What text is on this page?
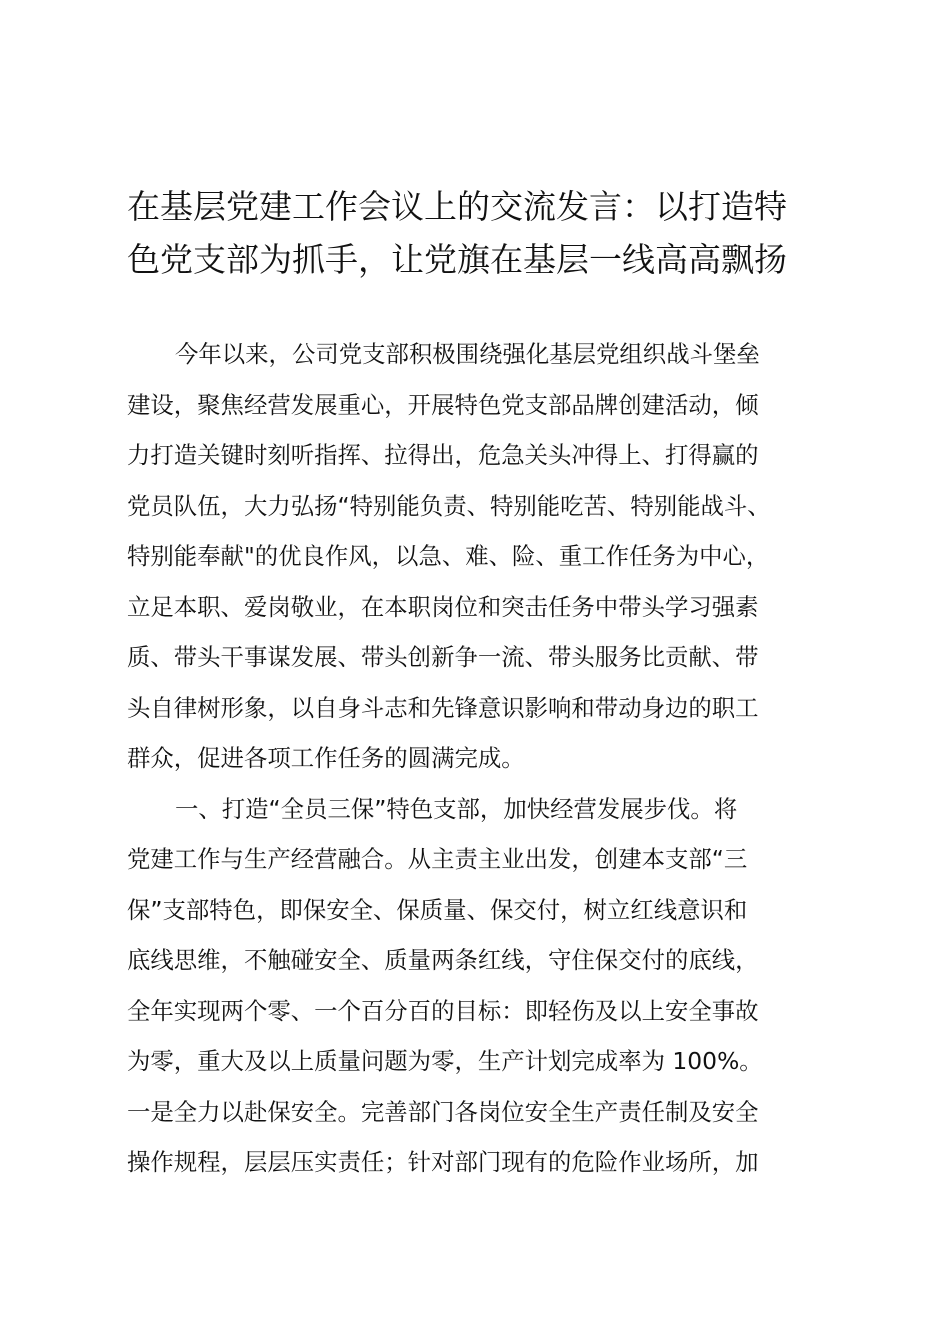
在基层党建工作会议上的交流发言：以打造特
色党支部为抓手，让党旗在基层一线高高飘扬
今年以来，公司党支部积极围绕强化基层党组织战斗堡垒
建设，聚焦经营发展重心，开展特色党支部品牌创建活动，倾
力打造关键时刻听指挥、拉得出，危急关头冲得上、打得赢的
党员队伍，大力弘扬“特别能负责、特别能吃苦、特别能战斗、
特别能奉献"的优良作风，以急、难、险、重工作任务为中心，
立足本职、爱岗敬业，在本职岗位和突击任务中带头学习强素
质、带头干事谋发展、带头创新争一流、带头服务比贡献、带
头自律树形象，以自身斗志和先锋意识影响和带动身边的职工
群众，促进各项工作任务的圆满完成。
一、打造“全员三保”特色支部，加快经营发展步伐。将
党建工作与生产经营融合。从主责主业出发，创建本支部“三
保”支部特色，即保安全、保质量、保交付，树立红线意识和
底线思维，不触碰安全、质量两条红线，守住保交付的底线，
全年实现两个零、一个百分百的目标：即轻伤及以上安全事故
为零，重大及以上质量问题为零，生产计划完成率为 100%。
一是全力以赴保安全。完善部门各岗位安全生产责任制及安全
操作规程，层层压实责任；针对部门现有的危险作业场所，加
